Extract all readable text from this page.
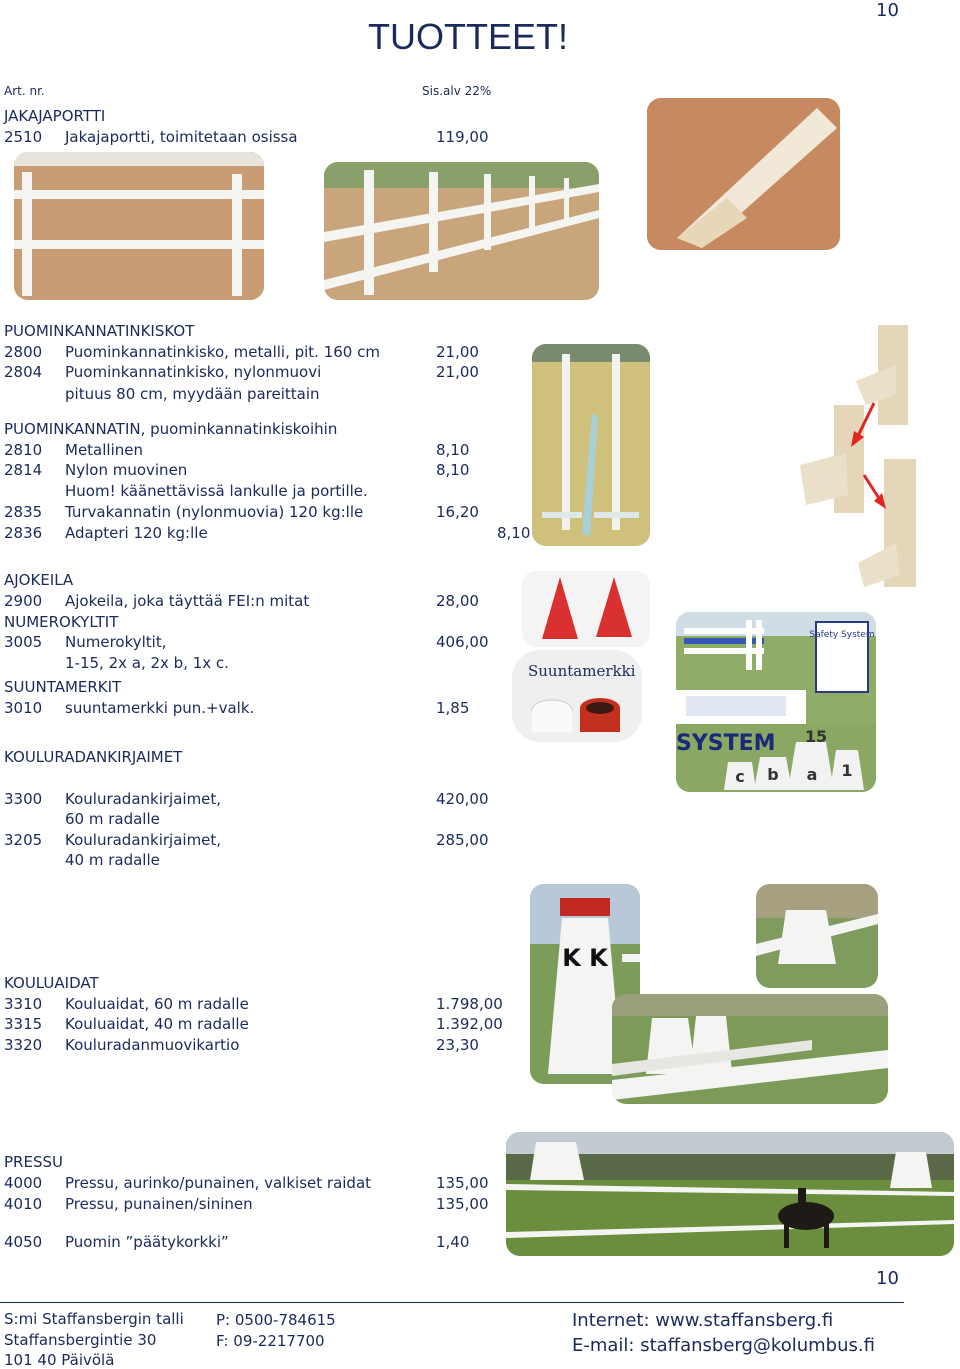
TUOTTEET!
10
Art. nr.	Sis.alv 22%
JAKAJAPORTTI
2510 Jakajaportti, toimitetaan osissa	119,00
PUOMINKANNATINKISKOT
2800 Puominkannatinkisko, metalli, pit. 160 cm	21,00
2804 Puominkannatinkisko, nylonmuovi	21,00
pituus 80 cm, myydään pareittain
PUOMINKANNATIN, puominkannatinkiskoihin
2810 Metallinen	8,10
2814 Nylon muovinen	8,10
Huom! käänettävissä lankulle ja portille.
2835 Turvakannatin (nylonmuovia) 120 kg:lle	16,20
2836 Adapteri 120 kg:lle	8,10
AJOKEILA
2900 Ajokeila, joka täyttää FEI:n mitat	28,00
NUMEROKYLTIT
3005 Numerokyltit,	406,00
1-15, 2x a, 2x b, 1x c.
SUUNTAMERKIT
3010 suuntamerkki pun.+valk.	1,85
Suuntamerkki
Safety System
SYSTEM
c b a 1
15
KOULURADANKIRJAIMET
3300 Kouluradankirjaimet,	420,00
60 m radalle
3205 Kouluradankirjaimet,	285,00
40 m radalle
K K
KOULUAIDAT
3310 Kouluaidat, 60 m radalle	1.798,00
3315 Kouluaidat, 40 m radalle	1.392,00
3320 Kouluradanmuovikartio	23,30
PRESSU
4000 Pressu, aurinko/punainen, valkiset raidat	135,00
4010 Pressu, punainen/sininen	135,00
4050 Puomin ”päätykorkki”	1,40
10
S:mi Staffansbergin talli
Staffansbergintie 30
101 40 Päivölä
P: 0500-784615
F: 09-2217700
Internet: www.staffansberg.fi
E-mail: staffansberg@kolumbus.fi
